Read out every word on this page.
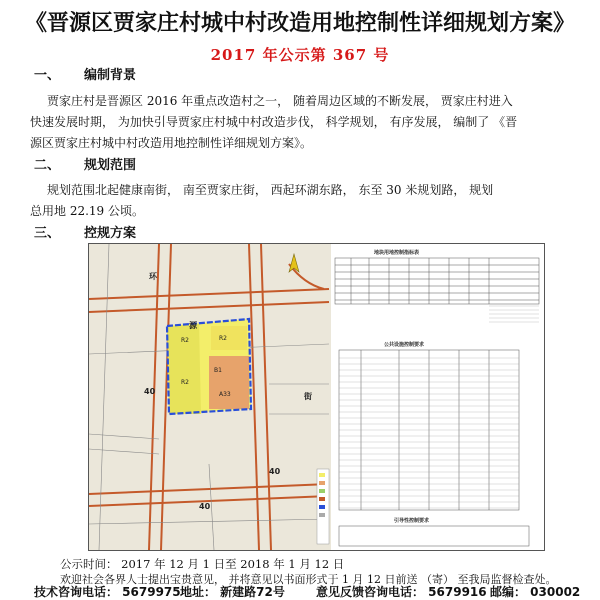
《晋源区贾家庄村城中村改造用地控制性详细规划方案》
2017 年公示第 367 号
一、 编制背景
贾家庄村是晋源区 2016 年重点改造村之一， 随着周边区域的不断发展， 贾家庄村进入
快速发展时期， 为加快引导贾家庄村城中村改造步伐， 科学规划， 有序发展， 编制了 《晋
源区贾家庄村城中村改造用地控制性详细规划方案》。
二、 规划范围
规划范围北起健康南街， 南至贾家庄街， 西起环湖东路， 东至 30 米规划路， 规划
总用地 22.19 公顷。
三、 控规方案
R2
R2
R2
B1
A33
环
源
街
40
40
40
地块用地控制指标表
公共设施控制要求
引导性控制要求
公示时间： 2017 年 12 月 1 日至 2018 年 1 月 12 日
欢迎社会各界人士提出宝贵意见， 并将意见以书面形式于 1 月 12 日前送 （寄） 至我局监督检查处。
技术咨询电话： 5679975 地址： 新建路72号	意见反馈咨询电话： 5679916 邮编： 030002
